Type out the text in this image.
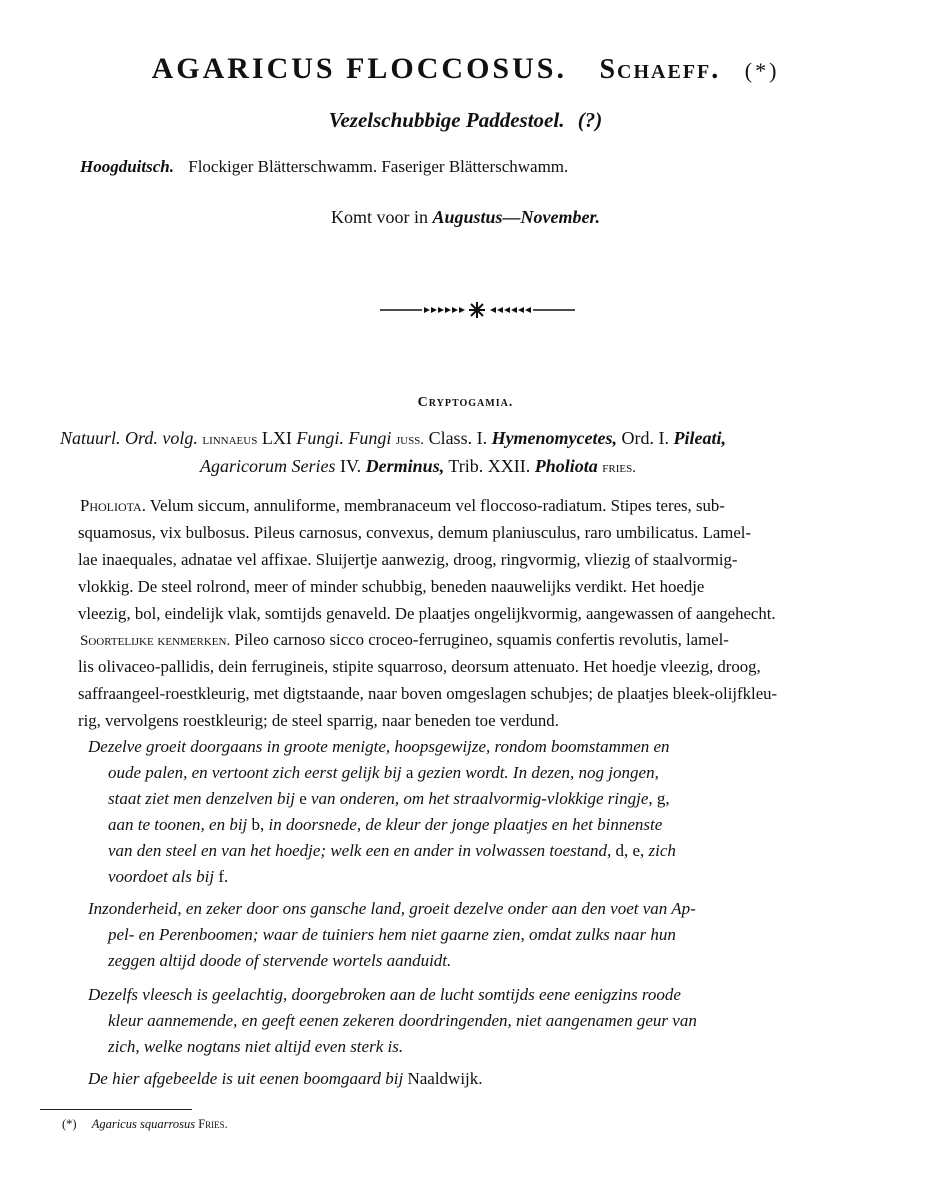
AGARICUS FLOCCOSUS. Schaeff. (*)
Vezelschubbige Paddestoel. (?)
Hoogduitsch. Flockiger Blätterschwamm. Faseriger Blätterschwamm.
Komt voor in Augustus—November.
Cryptogamia.
Natuurl. Ord. volg. linnaeus LXI Fungi. Fungi juss. Class. I. Hymenomycetes, Ord. I. Pileati,
Agaricorum Series IV. Derminus, Trib. XXII. Pholiota fries.
Pholiota. Velum siccum, annuliforme, membranaceum vel floccoso-radiatum. Stipes teres, sub-
squamosus, vix bulbosus. Pileus carnosus, convexus, demum planiusculus, raro umbilicatus. Lamel-
lae inaequales, adnatae vel affixae. Sluijertje aanwezig, droog, ringvormig, vliezig of staalvormig-
vlokkig. De steel rolrond, meer of minder schubbig, beneden naauwelijks verdikt. Het hoedje
vleezig, bol, eindelijk vlak, somtijds genaveld. De plaatjes ongelijkvormig, aangewassen of aangehecht.
Soortelijke kenmerken. Pileo carnoso sicco croceo-ferrugineo, squamis confertis revolutis, lamel-
lis olivaceo-pallidis, dein ferrugineis, stipite squarroso, deorsum attenuato. Het hoedje vleezig, droog,
saffraangeel-roestkleurig, met digtstaande, naar boven omgeslagen schubjes; de plaatjes bleek-olijfkleu-
rig, vervolgens roestkleurig; de steel sparrig, naar beneden toe verdund.
Dezelve groeit doorgaans in groote menigte, hoopsgewijze, rondom boomstammen en
oude palen, en vertoont zich eerst gelijk bij a gezien wordt. In dezen, nog jongen,
staat ziet men denzelven bij e van onderen, om het straalvormig-vlokkige ringje, g,
aan te toonen, en bij b, in doorsnede, de kleur der jonge plaatjes en het binnenste
van den steel en van het hoedje; welk een en ander in volwassen toestand, d, e, zich
voordoet als bij f.
Inzonderheid, en zeker door ons gansche land, groeit dezelve onder aan den voet van Ap-
pel- en Perenboomen; waar de tuiniers hem niet gaarne zien, omdat zulks naar hun
zeggen altijd doode of stervende wortels aanduidt.
Dezelfs vleesch is geelachtig, doorgebroken aan de lucht somtijds eene eenigzins roode
kleur aannemende, en geeft eenen zekeren doordringenden, niet aangenamen geur van
zich, welke nogtans niet altijd even sterk is.
De hier afgebeelde is uit eenen boomgaard bij Naaldwijk.
(*) Agaricus squarrosus Fries.
